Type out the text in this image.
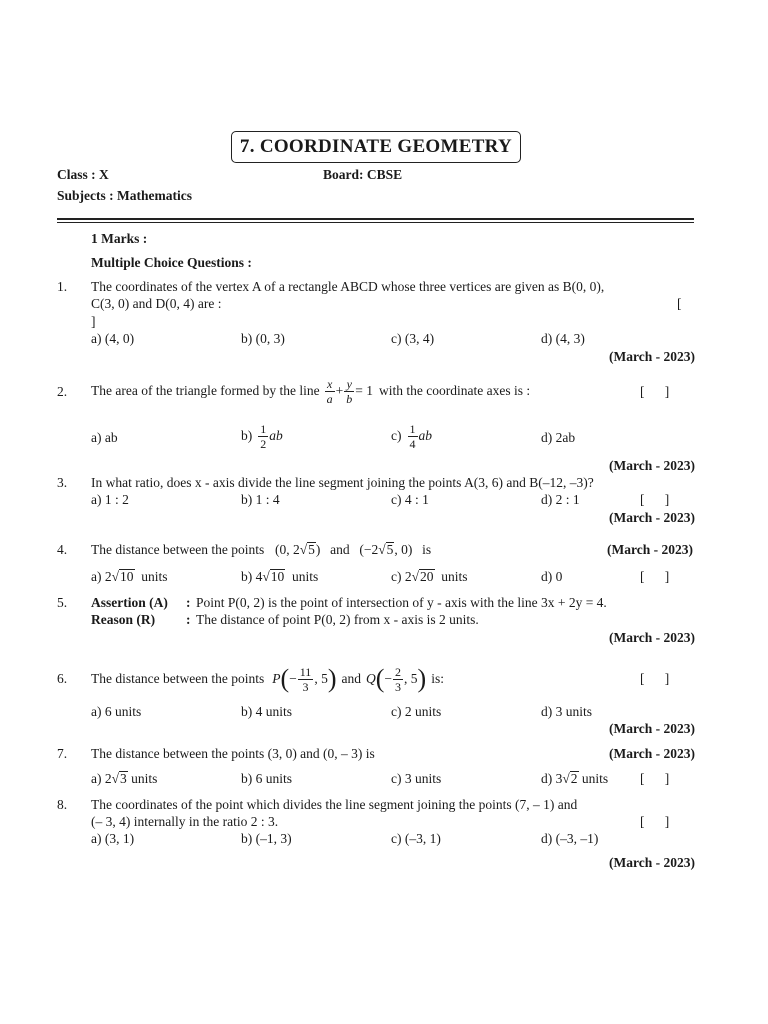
7. COORDINATE GEOMETRY
Class : X	Board: CBSE
Subjects : Mathematics
1 Marks :
Multiple Choice Questions :
1. The coordinates of the vertex A of a rectangle ABCD whose three vertices are given as B(0, 0),
C(3, 0) and D(0, 4) are :	[
]
a) (4, 0)	b) (0, 3)	c) (3, 4)	d) (4, 3)
(March - 2023)
2. The area of the triangle formed by the line x
a
+ $\frac{y}{b} = 1$ with the coordinate axes is :	[      ]
a) ab	b) 1
2
ab	c) 1
4
ab	d) 2ab
(March - 2023)
3. In what ratio, does x - axis divide the line segment joining the points A(3, 6) and B(–12, –3)?
a) 1 : 2	b) 1 : 4	c) 4 : 1	d) 2 : 1	[      ]
(March - 2023)
4. The distance between the points (0, 2√5) and (−2√5, 0) is	(March - 2023)
a) 2√10 units	b) 4√10 units	c) 2√20 units	d) 0	[      ]
5. Assertion (A) : Point P(0, 2) is the point of intersection of y - axis with the line 3x + 2y = 4.
Reason (R) : The distance of point P(0, 2) from x - axis is 2 units.
(March - 2023)
6. The distance between the points P ( − $\frac{11}{3}$ , 5 ) and Q ( − $\frac{2}{3}$ , 5 ) is:	[      ]
a) 6 units	b) 4 units	c) 2 units	d) 3 units
(March - 2023)
7. The distance between the points (3, 0) and (0, – 3) is	(March - 2023)
a) 2√3 units	b) 6 units	c) 3 units	d) 3√2 units [      ]
8. The coordinates of the point which divides the line segment joining the points (7, – 1) and
(– 3, 4) internally in the ratio 2 : 3.	[      ]
a) (3, 1)	b) (–1, 3)	c) (–3, 1)	d) (–3, –1)
(March - 2023)
